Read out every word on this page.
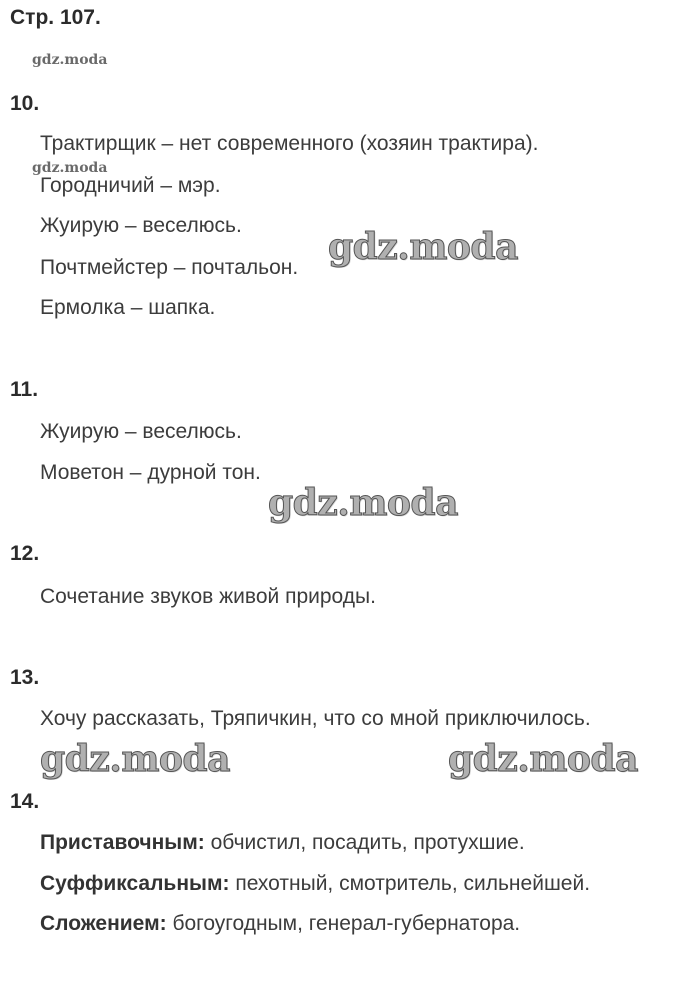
Стр. 107.
gdz.moda
10.
Трактирщик – нет современного (хозяин трактира).
gdz.moda
Городничий – мэр.
Жуирую – веселюсь.
gdz.moda
Почтмейстер – почтальон.
Ермолка – шапка.
11.
Жуирую – веселюсь.
Моветон – дурной тон.
gdz.moda
12.
Сочетание звуков живой природы.
13.
Хочу рассказать, Тряпичкин, что со мной приключилось.
gdz.moda	gdz.moda
14.
Приставочным: обчистил, посадить, протухшие.
Суффиксальным: пехотный, смотритель, сильнейшей.
Сложением: богоугодным, генерал-губернатора.
